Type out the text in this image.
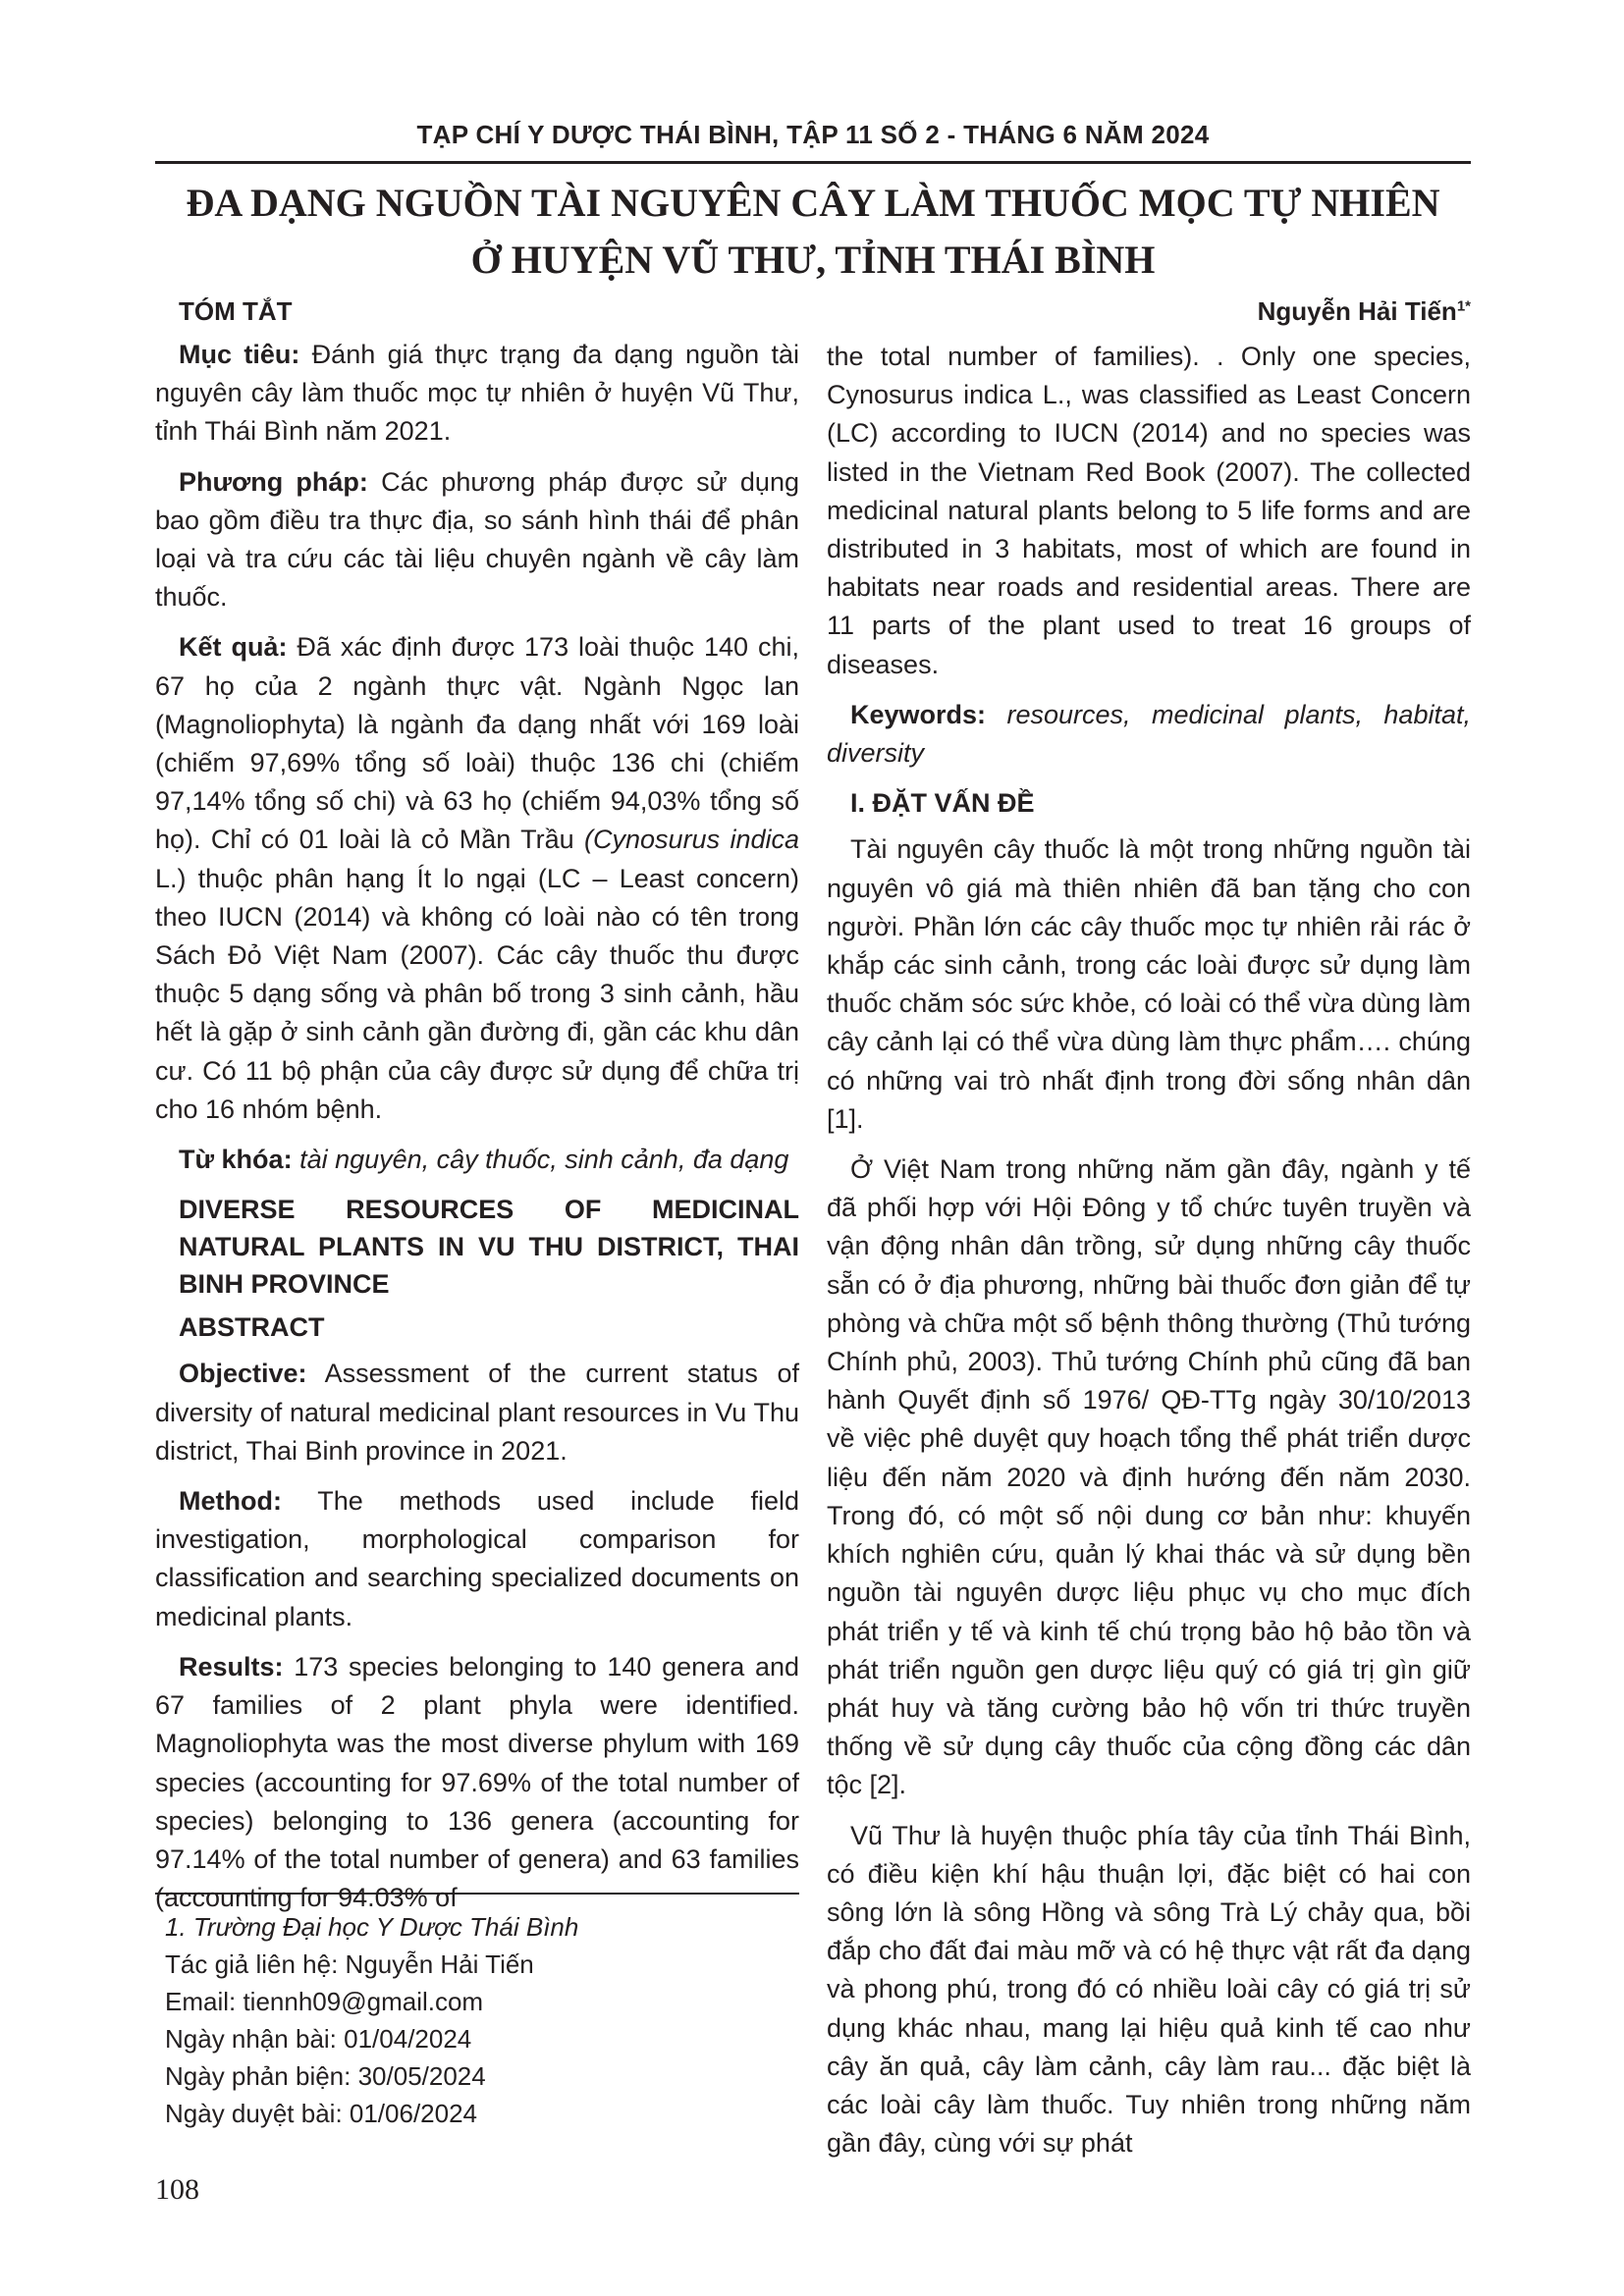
TẠP CHÍ Y DƯỢC THÁI BÌNH, TẬP 11 SỐ 2 - THÁNG 6 NĂM 2024
ĐA DẠNG NGUỒN TÀI NGUYÊN CÂY LÀM THUỐC MỌC TỰ NHIÊN
Ở HUYỆN VŨ THƯ, TỈNH THÁI BÌNH
TÓM TẮT	Nguyễn Hải Tiến$^{1*}$

Mục tiêu: Đánh giá thực trạng đa dạng nguồn tài nguyên cây làm thuốc mọc tự nhiên ở huyện Vũ Thư, tỉnh Thái Bình năm 2021.

Phương pháp: Các phương pháp được sử dụng bao gồm điều tra thực địa, so sánh hình thái để phân loại và tra cứu các tài liệu chuyên ngành về cây làm thuốc.

Kết quả: Đã xác định được 173 loài thuộc 140 chi, 67 họ của 2 ngành thực vật. Ngành Ngọc lan (Magnoliophyta) là ngành đa dạng nhất với 169 loài (chiếm 97,69% tổng số loài) thuộc 136 chi (chiếm 97,14% tổng số chi) và 63 họ (chiếm 94,03% tổng số họ). Chỉ có 01 loài là cỏ Mần Trầu (Cynosurus indica L.) thuộc phân hạng Ít lo ngại (LC – Least concern) theo IUCN (2014) và không có loài nào có tên trong Sách Đỏ Việt Nam (2007). Các cây thuốc thu được thuộc 5 dạng sống và phân bố trong 3 sinh cảnh, hầu hết là gặp ở sinh cảnh gần đường đi, gần các khu dân cư. Có 11 bộ phận của cây được sử dụng để chữa trị cho 16 nhóm bệnh.

Từ khóa: tài nguyên, cây thuốc, sinh cảnh, đa dạng

DIVERSE RESOURCES OF MEDICINAL NATURAL PLANTS IN VU THU DISTRICT, THAI BINH PROVINCE
ABSTRACT

Objective: Assessment of the current status of diversity of natural medicinal plant resources in Vu Thu district, Thai Binh province in 2021.

Method: The methods used include field investigation, morphological comparison for classification and searching specialized documents on medicinal plants.

Results: 173 species belonging to 140 genera and 67 families of 2 plant phyla were identified. Magnoliophyta was the most diverse phylum with 169 species (accounting for 97.69% of the total number of species) belonging to 136 genera (accounting for 97.14% of the total number of genera) and 63 families (accounting for 94.03% of

1. Trường Đại học Y Dược Thái Bình
Tác giả liên hệ: Nguyễn Hải Tiến
Email: tiennh09@gmail.com
Ngày nhận bài: 01/04/2024
Ngày phản biện: 30/05/2024
Ngày duyệt bài: 01/06/2024

the total number of families). . Only one species, Cynosurus indica L., was classified as Least Concern (LC) according to IUCN (2014) and no species was listed in the Vietnam Red Book (2007). The collected medicinal natural plants belong to 5 life forms and are distributed in 3 habitats, most of which are found in habitats near roads and residential areas. There are 11 parts of the plant used to treat 16 groups of diseases.

Keywords: resources, medicinal plants, habitat, diversity

I. ĐẶT VẤN ĐỀ

Tài nguyên cây thuốc là một trong những nguồn tài nguyên vô giá mà thiên nhiên đã ban tặng cho con người. Phần lớn các cây thuốc mọc tự nhiên rải rác ở khắp các sinh cảnh, trong các loài được sử dụng làm thuốc chăm sóc sức khỏe, có loài có thể vừa dùng làm cây cảnh lại có thể vừa dùng làm thực phẩm…. chúng có những vai trò nhất định trong đời sống nhân dân [1].

Ở Việt Nam trong những năm gần đây, ngành y tế đã phối hợp với Hội Đông y tổ chức tuyên truyền và vận động nhân dân trồng, sử dụng những cây thuốc sẵn có ở địa phương, những bài thuốc đơn giản để tự phòng và chữa một số bệnh thông thường (Thủ tướng Chính phủ, 2003). Thủ tướng Chính phủ cũng đã ban hành Quyết định số 1976/ QĐ-TTg ngày 30/10/2013 về việc phê duyệt quy hoạch tổng thể phát triển dược liệu đến năm 2020 và định hướng đến năm 2030. Trong đó, có một số nội dung cơ bản như: khuyến khích nghiên cứu, quản lý khai thác và sử dụng bền nguồn tài nguyên dược liệu phục vụ cho mục đích phát triển y tế và kinh tế chú trọng bảo hộ bảo tồn và phát triển nguồn gen dược liệu quý có giá trị gìn giữ phát huy và tăng cường bảo hộ vốn tri thức truyền thống về sử dụng cây thuốc của cộng đồng các dân tộc [2].

Vũ Thư là huyện thuộc phía tây của tỉnh Thái Bình, có điều kiện khí hậu thuận lợi, đặc biệt có hai con sông lớn là sông Hồng và sông Trà Lý chảy qua, bồi đắp cho đất đai màu mỡ và có hệ thực vật rất đa dạng và phong phú, trong đó có nhiều loài cây có giá trị sử dụng khác nhau, mang lại hiệu quả kinh tế cao như cây ăn quả, cây làm cảnh, cây làm rau... đặc biệt là các loài cây làm thuốc. Tuy nhiên trong những năm gần đây, cùng với sự phát

108
